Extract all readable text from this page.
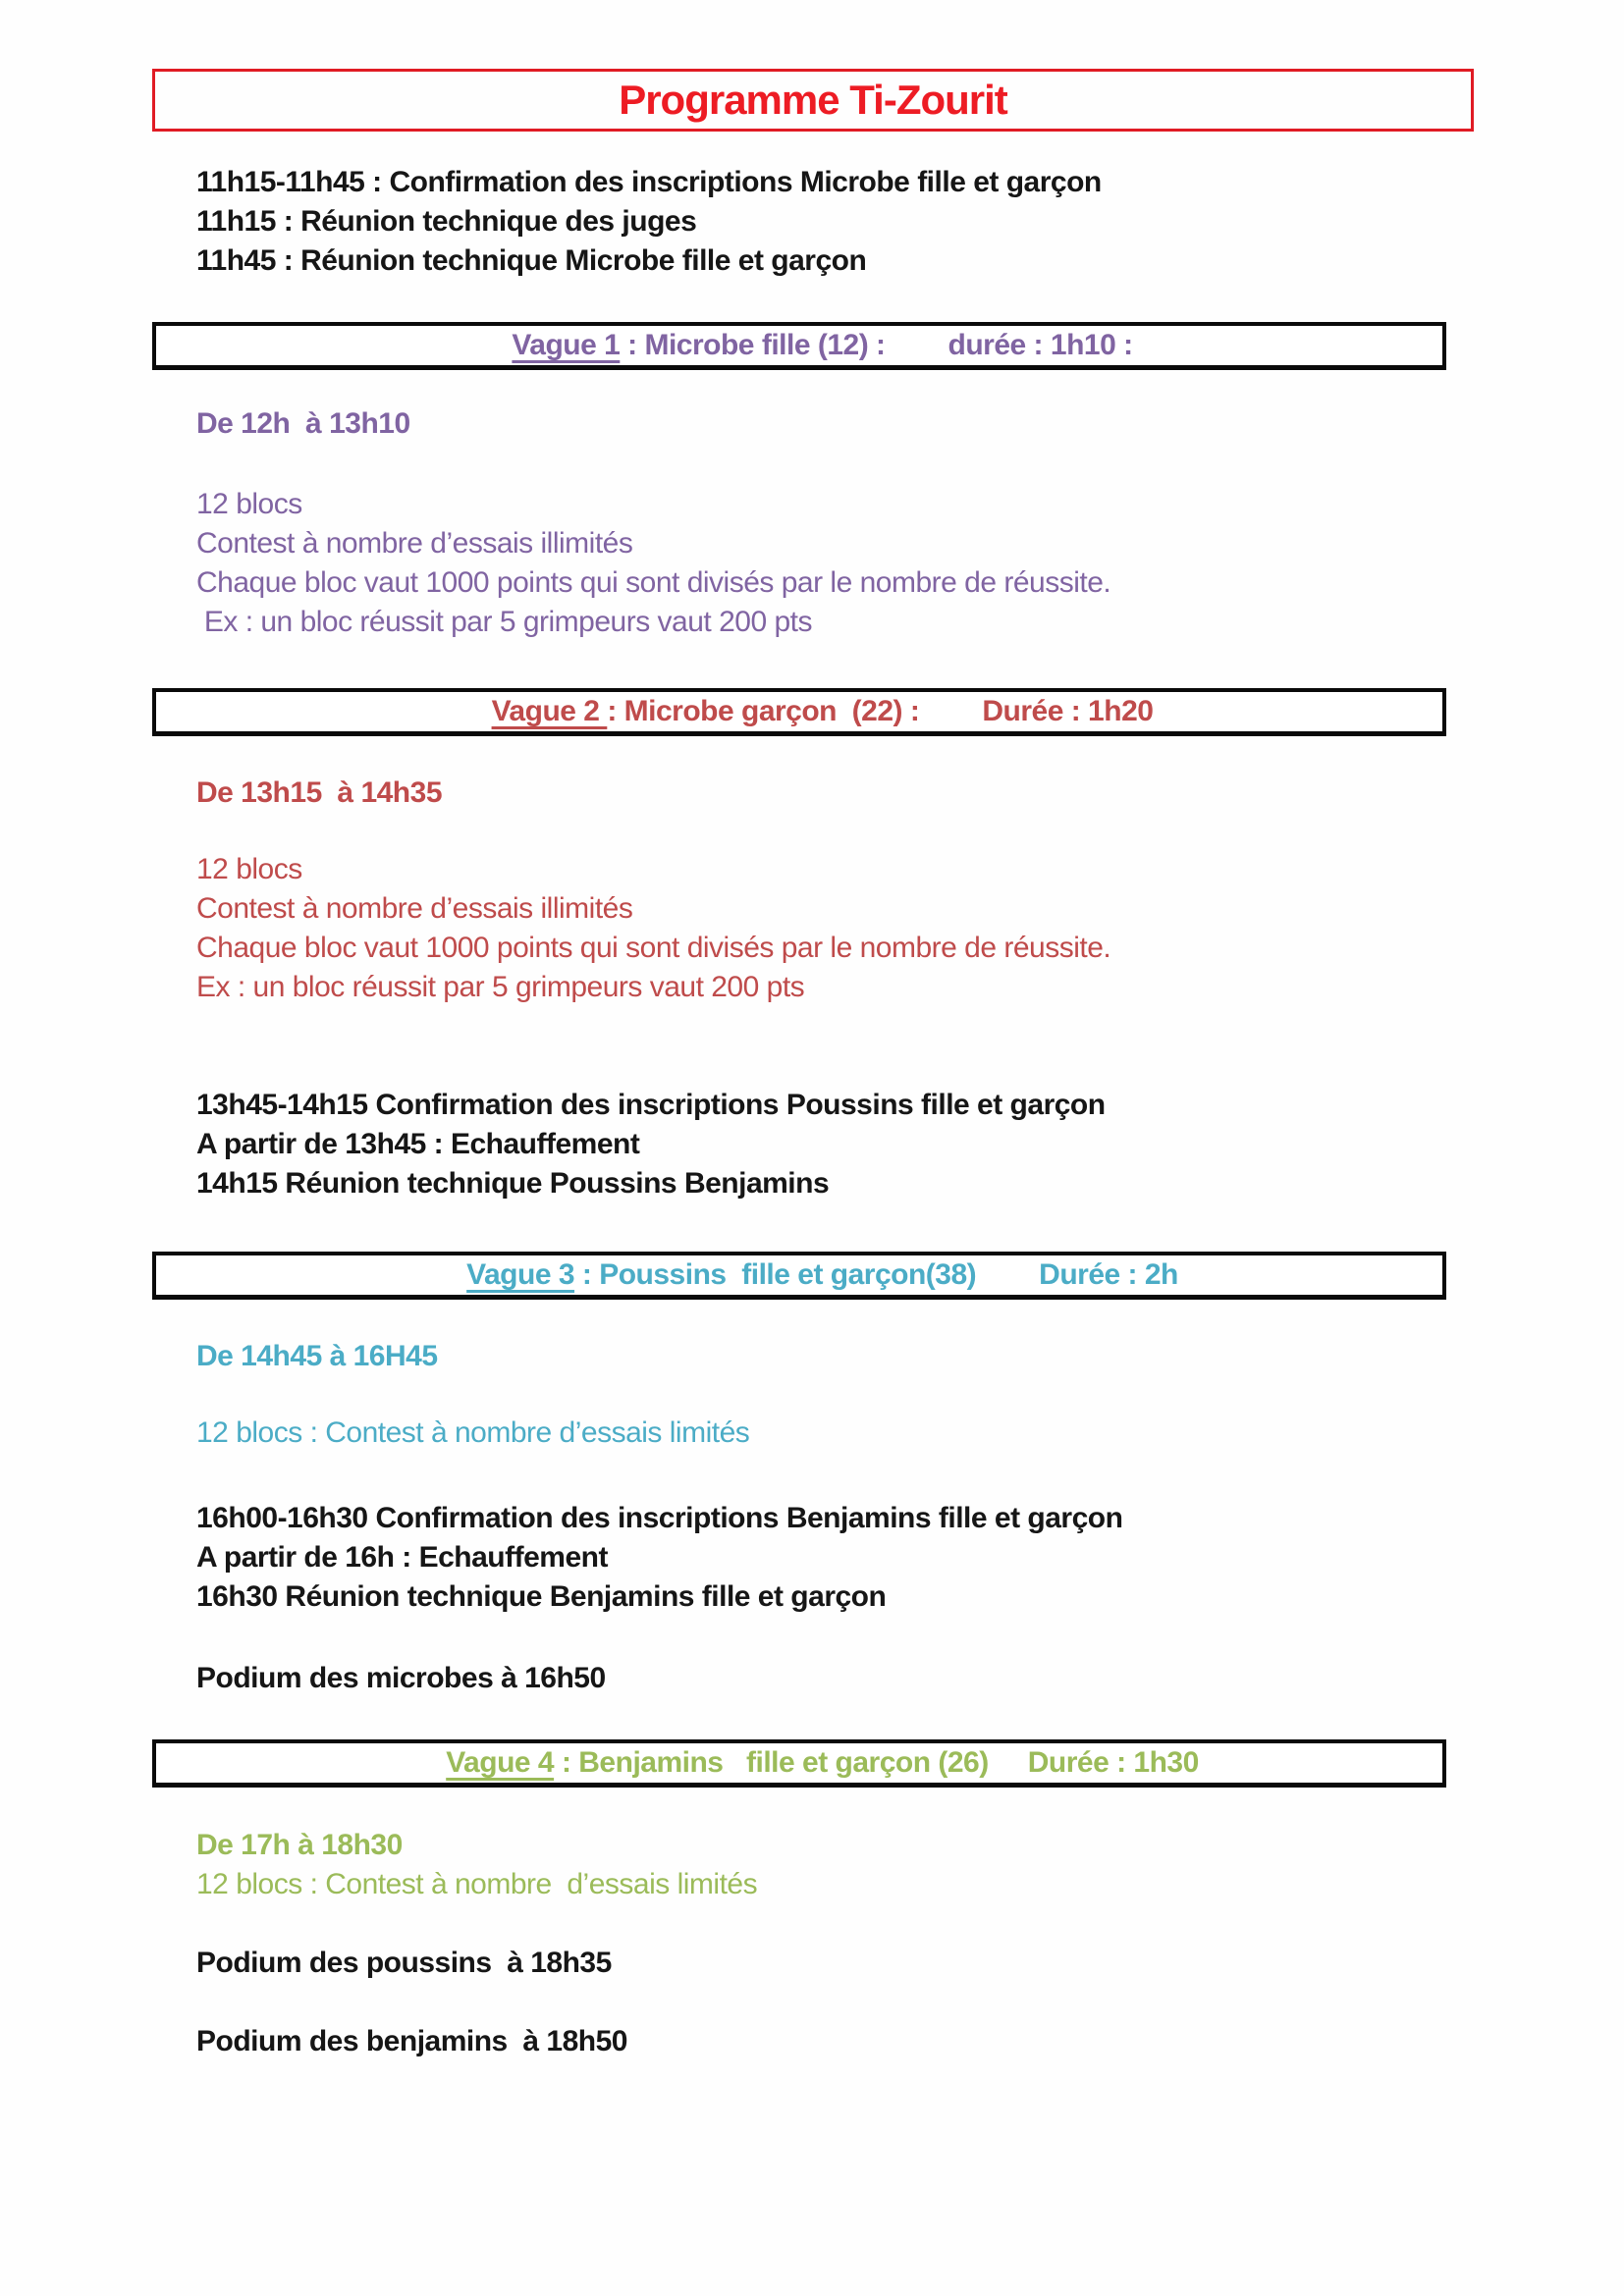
Programme Ti-Zourit
11h15-11h45 : Confirmation des inscriptions Microbe fille et garçon
11h15 : Réunion technique des juges
11h45 : Réunion technique Microbe fille et garçon

Vague 1 : Microbe fille (12) : durée : 1h10 :

De 12h  à 13h10
12 blocs
Contest à nombre d’essais illimités
Chaque bloc vaut 1000 points qui sont divisés par le nombre de réussite.
Ex : un bloc réussit par 5 grimpeurs vaut 200 pts

Vague 2 : Microbe garçon  (22) : Durée : 1h20

De 13h15  à 14h35
12 blocs
Contest à nombre d’essais illimités
Chaque bloc vaut 1000 points qui sont divisés par le nombre de réussite.
Ex : un bloc réussit par 5 grimpeurs vaut 200 pts
13h45-14h15 Confirmation des inscriptions Poussins fille et garçon
A partir de 13h45 : Echauffement
14h15 Réunion technique Poussins Benjamins

Vague 3 : Poussins  fille et garçon(38) Durée : 2h

De 14h45 à 16H45
12 blocs : Contest à nombre d’essais limités
16h00-16h30 Confirmation des inscriptions Benjamins fille et garçon
A partir de 16h : Echauffement
16h30 Réunion technique Benjamins fille et garçon
Podium des microbes à 16h50

Vague 4 : Benjamins   fille et garçon (26) Durée : 1h30

De 17h à 18h30
12 blocs : Contest à nombre  d’essais limités
Podium des poussins  à 18h35
Podium des benjamins  à 18h50
